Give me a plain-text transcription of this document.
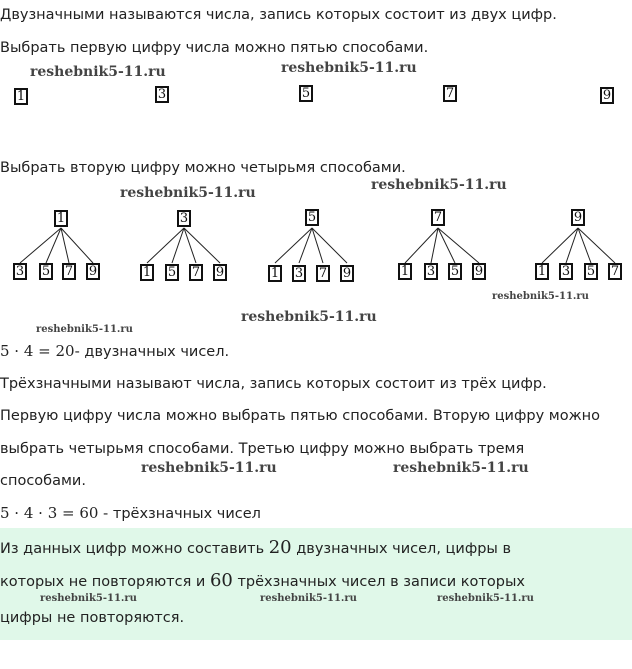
Двузначными называются числа, запись которых состоит из двух цифр.
Выбрать первую цифру числа можно пятью способами.
1	3	5	7	9
Выбрать вторую цифру можно четырьмя способами.
1
3 5 7 9
3
1 5 7 9
5
1 3 7 9
7
1 3 5 9
9
1 3 5 7
5 · 4 = 20- двузначных чисел.
Трёхзначными называют числа, запись которых состоит из трёх цифр.
Первую цифру числа можно выбрать пятью способами. Вторую цифру можно
выбрать четырьмя способами. Третью цифру можно выбрать тремя
способами.
5 · 4 · 3 = 60 - трёхзначных чисел
Из данных цифр можно составить 20 двузначных чисел, цифры в
которых не повторяются и 60 трёхзначных чисел в записи которых
цифры не повторяются.
reshebnik5-11.ru	reshebnik5-11.ru
reshebnik5-11.ru	reshebnik5-11.ru
reshebnik5-11.ru
reshebnik5-11.ru
reshebnik5-11.ru
reshebnik5-11.ru	reshebnik5-11.ru
reshebnik5-11.ru	reshebnik5-11.ru	reshebnik5-11.ru
